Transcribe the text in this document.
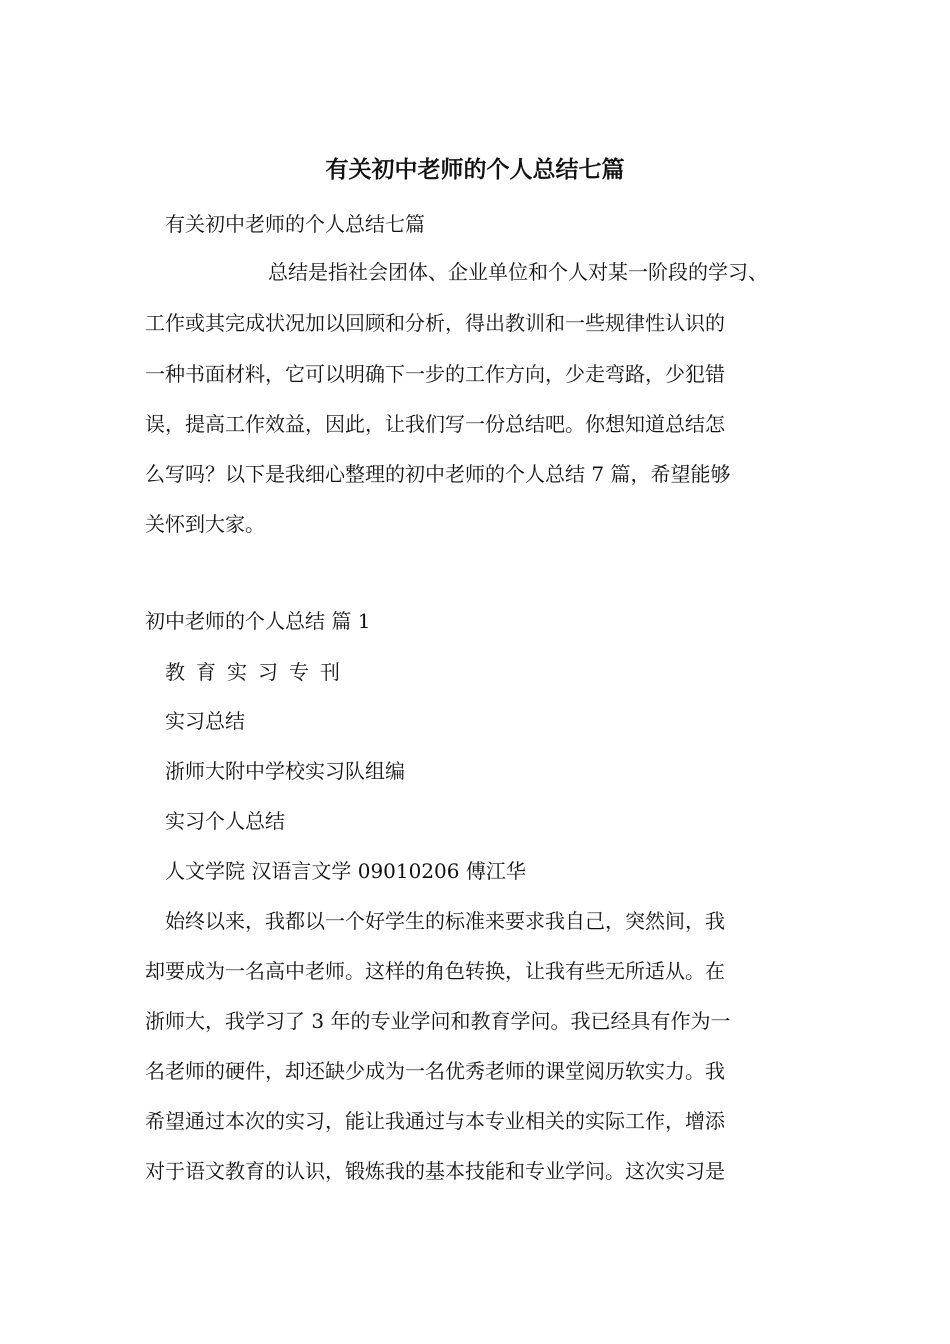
有关初中老师的个人总结七篇

有关初中老师的个人总结七篇

总结是指社会团体、企业单位和个人对某一阶段的学习、

工作或其完成状况加以回顾和分析，得出教训和一些规律性认识的

一种书面材料，它可以明确下一步的工作方向，少走弯路，少犯错

误，提高工作效益，因此，让我们写一份总结吧。你想知道总结怎

么写吗？以下是我细心整理的初中老师的个人总结 7 篇，希望能够

关怀到大家。

初中老师的个人总结 篇 1

教育实习专刊

实习总结

浙师大附中学校实习队组编

实习个人总结

人文学院 汉语言文学 09010206 傅江华

始终以来，我都以一个好学生的标准来要求我自己，突然间，我

却要成为一名高中老师。这样的角色转换，让我有些无所适从。在

浙师大，我学习了 3 年的专业学问和教育学问。我已经具有作为一

名老师的硬件，却还缺少成为一名优秀老师的课堂阅历软实力。我

希望通过本次的实习，能让我通过与本专业相关的实际工作，增添

对于语文教育的认识，锻炼我的基本技能和专业学问。这次实习是
